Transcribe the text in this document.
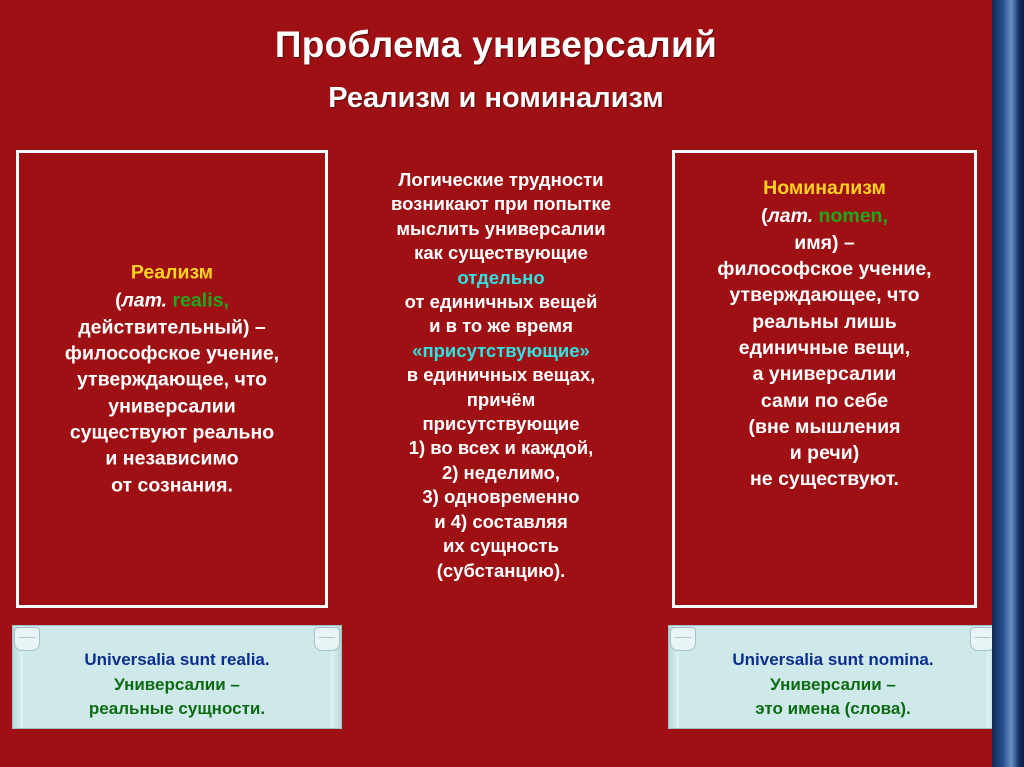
Проблема универсалий
Реализм и номинализм
Реализм
(лат. realis,
действительный) –
философское учение,
утверждающее, что
универсалии
существуют реально
и независимо
от сознания.
Логические трудности
возникают при попытке
мыслить универсалии
как существующие
отдельно
от единичных вещей
и в то же время
«присутствующие»
в единичных вещах,
причём
присутствующие
1) во всех и каждой,
2) неделимо,
3) одновременно
и 4) составляя
их сущность
(субстанцию).
Номинализм
(лат. nomen,
имя) –
философское учение,
утверждающее, что
реальны лишь
единичные вещи,
а универсалии
сами по себе
(вне мышления
и речи)
не существуют.
Universalia sunt realia.
Универсалии –
реальные сущности.
Universalia sunt nomina.
Универсалии –
это имена (слова).
